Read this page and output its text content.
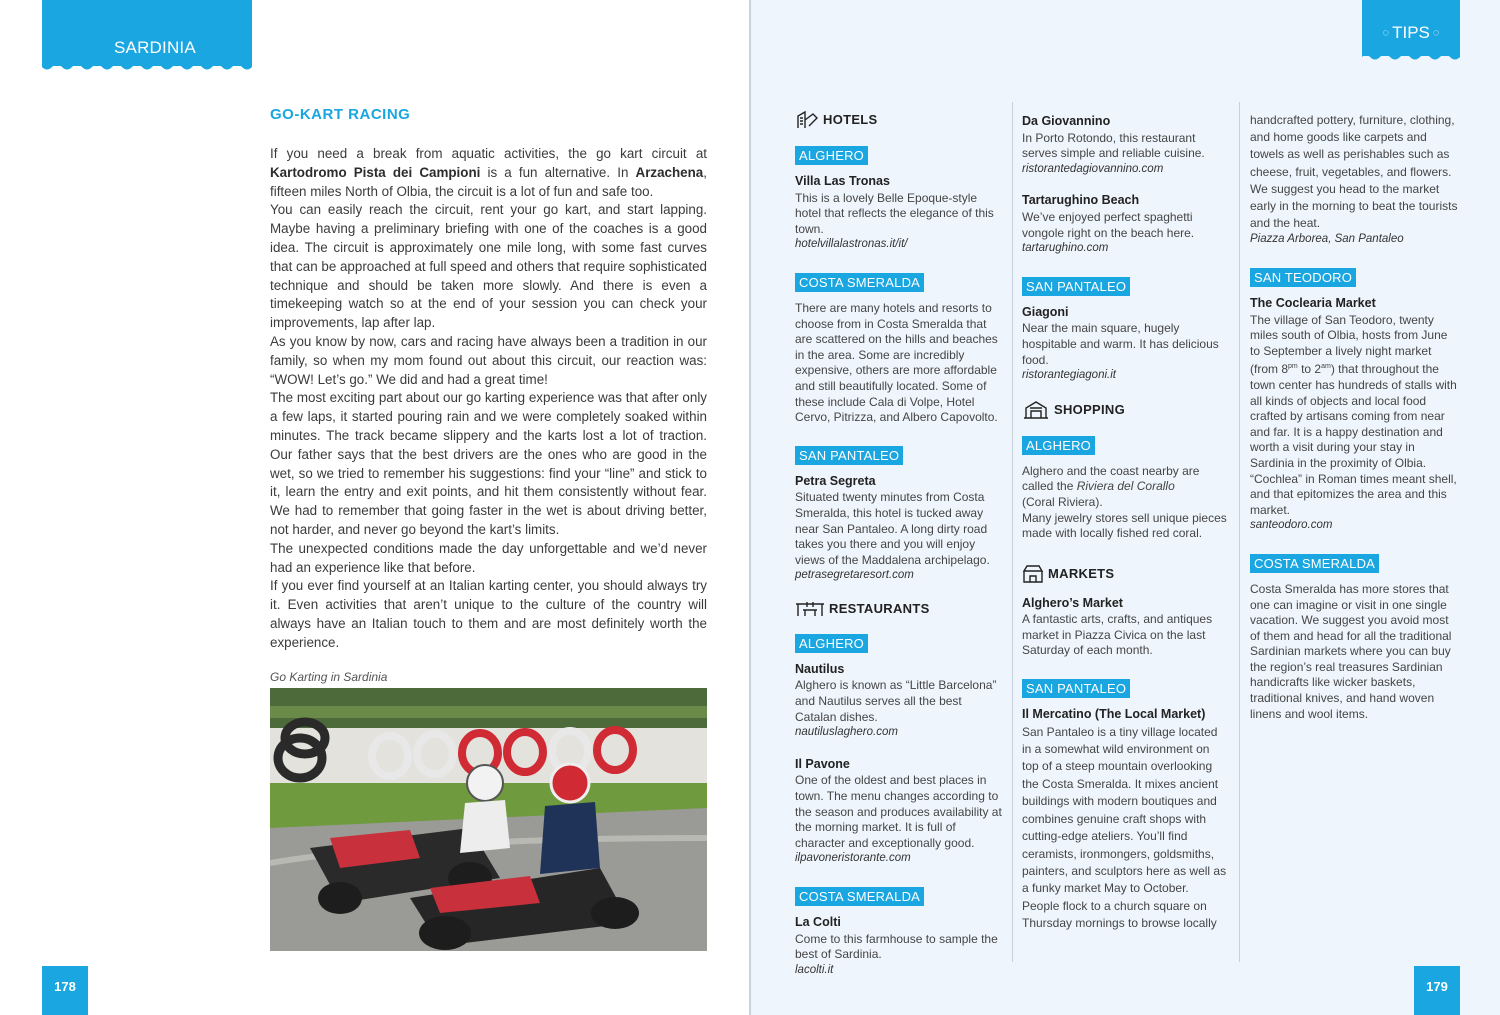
SARDINIA
◌ TIPS ◌
178	179
GO-KART RACING

If you need a break from aquatic activities, the go kart circuit at Kartodromo Pista dei Campioni is a fun alternative. In Arzachena, fifteen miles North of Olbia, the circuit is a lot of fun and safe too.

You can easily reach the circuit, rent your go kart, and start lapping. Maybe having a preliminary briefing with one of the coaches is a good idea. The circuit is approximately one mile long, with some fast curves that can be approached at full speed and others that require sophisticated technique and should be taken more slowly. And there is even a timekeeping watch so at the end of your session you can check your improvements, lap after lap.

As you know by now, cars and racing have always been a tradition in our family, so when my mom found out about this circuit, our reaction was: “WOW! Let’s go.” We did and had a great time!

The most exciting part about our go karting experience was that after only a few laps, it started pouring rain and we were completely soaked within minutes. The track became slippery and the karts lost a lot of traction. Our father says that the best drivers are the ones who are good in the wet, so we tried to remember his suggestions: find your “line” and stick to it, learn the entry and exit points, and hit them consistently without fear. We had to remember that going faster in the wet is about driving better, not harder, and never go beyond the kart’s limits.

The unexpected conditions made the day unforgettable and we’d never had an experience like that before.

If you ever find yourself at an Italian karting center, you should always try it. Even activities that aren’t unique to the culture of the country will always have an Italian touch to them and are most definitely worth the experience.

Go Karting in Sardinia
HOTELS
ALGHERO
Villa Las Tronas

This is a lovely Belle Epoque-style hotel that reflects the elegance of this town.

hotelvillalastronas.it/it/
COSTA SMERALDA

There are many hotels and resorts to choose from in Costa Smeralda that are scattered on the hills and beaches in the area. Some are incredibly expensive, others are more affordable and still beautifully located. Some of these include Cala di Volpe, Hotel Cervo, Pitrizza, and Albero Capovolto.

SAN PANTALEO
Petra Segreta

Situated twenty minutes from Costa Smeralda, this hotel is tucked away near San Pantaleo. A long dirty road takes you there and you will enjoy views of the Maddalena archipelago.

petrasegretaresort.com
RESTAURANTS
ALGHERO
Nautilus

Alghero is known as “Little Barcelona” and Nautilus serves all the best Catalan dishes.

nautiluslaghero.com
Il Pavone

One of the oldest and best places in town. The menu changes according to the season and produces availability at the morning market. It is full of character and exceptionally good.

ilpavoneristorante.com
COSTA SMERALDA
La Colti

Come to this farmhouse to sample the best of Sardinia.

lacolti.it
Da Giovannino

In Porto Rotondo, this restaurant serves simple and reliable cuisine.

ristorantedagiovannino.com
Tartarughino Beach

We’ve enjoyed perfect spaghetti vongole right on the beach here.

tartarughino.com
SAN PANTALEO
Giagoni

Near the main square, hugely hospitable and warm. It has delicious food.

ristorantegiagoni.it
SHOPPING
ALGHERO

Alghero and the coast nearby are called the Riviera del Corallo
(Coral Riviera).
Many jewelry stores sell unique pieces made with locally fished red coral.

MARKETS
Alghero’s Market

A fantastic arts, crafts, and antiques market in Piazza Civica on the last Saturday of each month.

SAN PANTALEO
Il Mercatino (The Local Market)

San Pantaleo is a tiny village located in a somewhat wild environment on top of a steep mountain overlooking the Costa Smeralda. It mixes ancient buildings with modern boutiques and combines genuine craft shops with cutting-edge ateliers. You’ll find ceramists, ironmongers, goldsmiths, painters, and sculptors here as well as a funky market May to October. People flock to a church square on Thursday mornings to browse locally

handcrafted pottery, furniture, clothing, and home goods like carpets and towels as well as perishables such as cheese, fruit, vegetables, and flowers. We suggest you head to the market early in the morning to beat the tourists and the heat.

Piazza Arborea, San Pantaleo
SAN TEODORO
The Coclearia Market

The village of San Teodoro, twenty miles south of Olbia, hosts from June to September a lively night market (from $8^{pm}$ to $2^{am}$) that throughout the town center has hundreds of stalls with all kinds of objects and local food crafted by artisans coming from near and far. It is a happy destination and worth a visit during your stay in Sardinia in the proximity of Olbia. “Cochlea” in Roman times meant shell, and that epitomizes the area and this market.

santeodoro.com
COSTA SMERALDA

Costa Smeralda has more stores that one can imagine or visit in one single vacation. We suggest you avoid most of them and head for all the traditional Sardinian markets where you can buy the region’s real treasures Sardinian handicrafts like wicker baskets, traditional knives, and hand woven linens and wool items.
